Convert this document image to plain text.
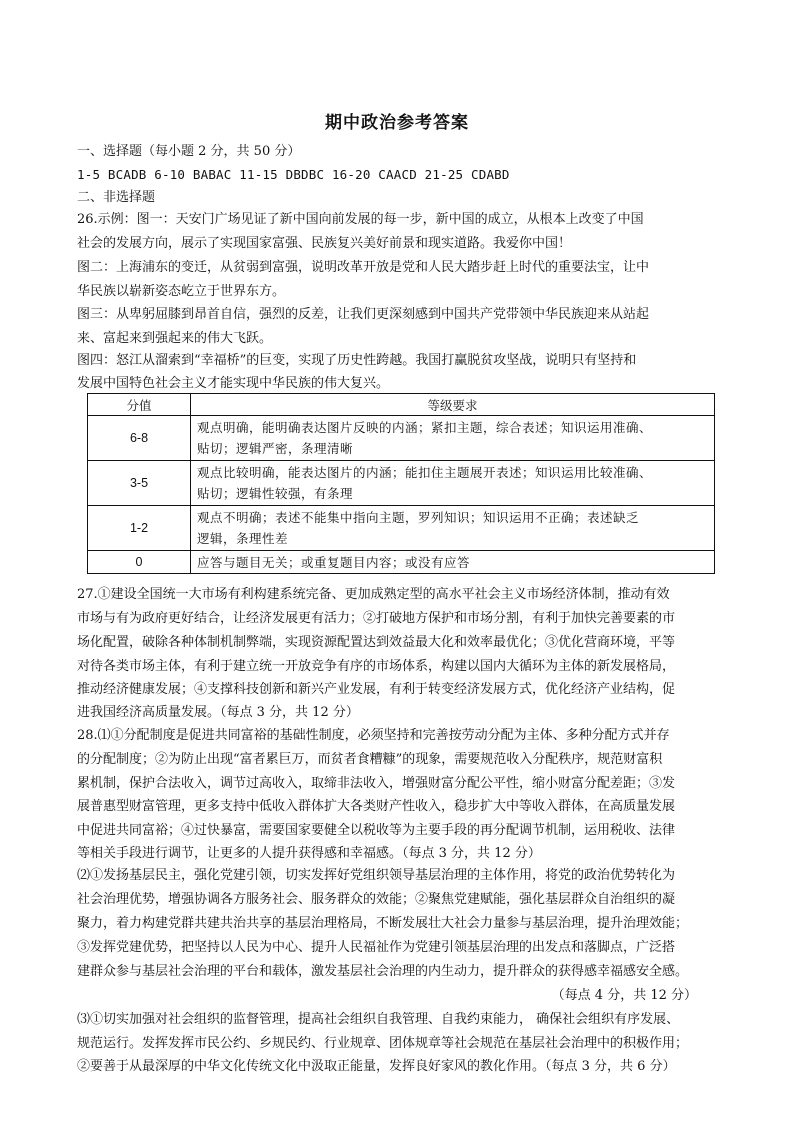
期中政治参考答案
一、选择题（每小题 2 分，共 50 分）
1-5 BCADB 6-10 BABAC 11-15 DBDBC 16-20 CAACD 21-25 CDABD
二、非选择题
26.示例：图一：天安门广场见证了新中国向前发展的每一步，新中国的成立，从根本上改变了中国
社会的发展方向，展示了实现国家富强、民族复兴美好前景和现实道路。我爱你中国！
图二：上海浦东的变迁，从贫弱到富强，说明改革开放是党和人民大踏步赶上时代的重要法宝，让中
华民族以崭新姿态屹立于世界东方。
图三：从卑躬屈膝到昂首自信，强烈的反差，让我们更深刻感到中国共产党带领中华民族迎来从站起
来、富起来到强起来的伟大飞跃。
图四：怒江从溜索到“幸福桥”的巨变，实现了历史性跨越。我国打赢脱贫攻坚战，说明只有坚持和
发展中国特色社会主义才能实现中华民族的伟大复兴。
分值	等级要求
6-8	观点明确，能明确表达图片反映的内涵；紧扣主题，综合表述；知识运用准确、
贴切；逻辑严密，条理清晰

3-5	观点比较明确，能表达图片的内涵；能扣住主题展开表述；知识运用比较准确、
贴切；逻辑性较强，有条理

1-2	观点不明确；表述不能集中指向主题，罗列知识；知识运用不正确；表述缺乏
逻辑，条理性差

0	应答与题目无关；或重复题目内容；或没有应答
27.①建设全国统一大市场有利构建系统完备、更加成熟定型的高水平社会主义市场经济体制，推动有效
市场与有为政府更好结合，让经济发展更有活力；②打破地方保护和市场分割，有利于加快完善要素的市
场化配置，破除各种体制机制弊端，实现资源配置达到效益最大化和效率最优化；③优化营商环境，平等
对待各类市场主体，有利于建立统一开放竞争有序的市场体系，构建以国内大循环为主体的新发展格局，
推动经济健康发展；④支撑科技创新和新兴产业发展，有利于转变经济发展方式，优化经济产业结构，促
进我国经济高质量发展。（每点 3 分，共 12 分）
28.⑴①分配制度是促进共同富裕的基础性制度，必须坚持和完善按劳动分配为主体、多种分配方式并存
的分配制度；②为防止出现“富者累巨万，而贫者食糟糠”的现象，需要规范收入分配秩序，规范财富积
累机制，保护合法收入，调节过高收入，取缔非法收入，增强财富分配公平性，缩小财富分配差距；③发
展普惠型财富管理，更多支持中低收入群体扩大各类财产性收入，稳步扩大中等收入群体，在高质量发展
中促进共同富裕；④过快暴富，需要国家要健全以税收等为主要手段的再分配调节机制，运用税收、法律
等相关手段进行调节，让更多的人提升获得感和幸福感。（每点 3 分，共 12 分）
⑵①发扬基层民主，强化党建引领，切实发挥好党组织领导基层治理的主体作用，将党的政治优势转化为
社会治理优势，增强协调各方服务社会、服务群众的效能；②聚焦党建赋能，强化基层群众自治组织的凝
聚力，着力构建党群共建共治共享的基层治理格局，不断发展壮大社会力量参与基层治理，提升治理效能；
③发挥党建优势，把坚持以人民为中心、提升人民福祉作为党建引领基层治理的出发点和落脚点，广泛搭
建群众参与基层社会治理的平台和载体，激发基层社会治理的内生动力，提升群众的获得感幸福感安全感。
（每点 4 分，共 12 分）
⑶①切实加强对社会组织的监督管理，提高社会组织自我管理、自我约束能力， 确保社会组织有序发展、
规范运行。发挥发挥市民公约、乡规民约、行业规章、团体规章等社会规范在基层社会治理中的积极作用；
②要善于从最深厚的中华文化传统文化中汲取正能量，发挥良好家风的教化作用。（每点 3 分，共 6 分）
